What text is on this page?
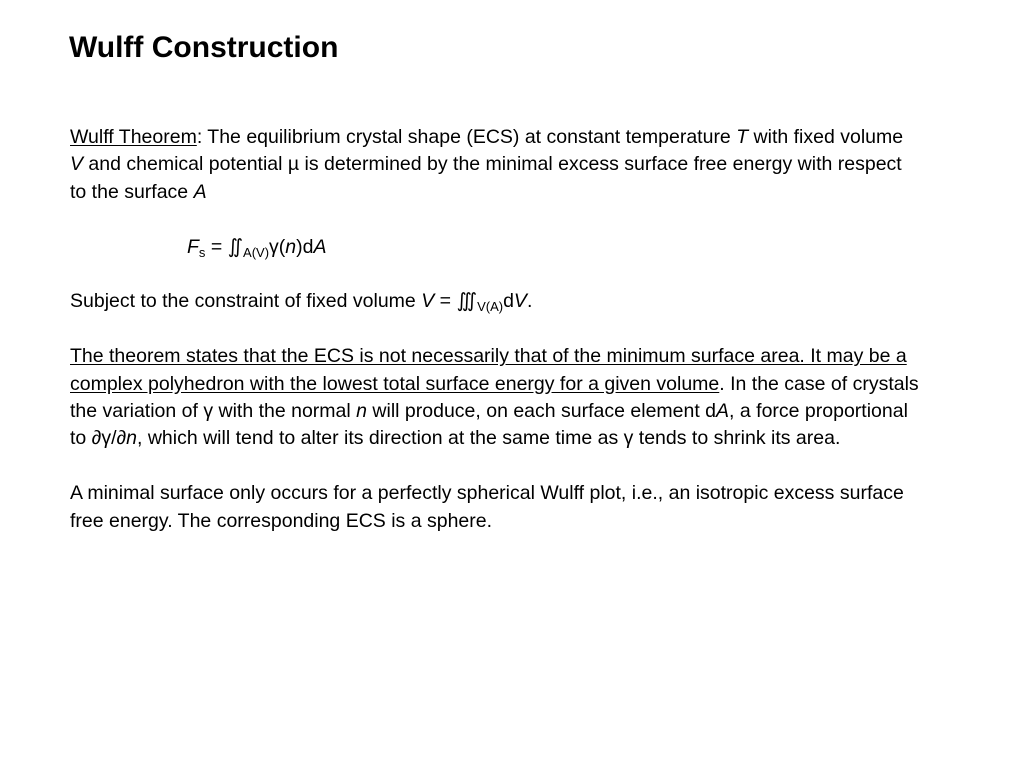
Wulff Construction

Wulff Theorem: The equilibrium crystal shape (ECS) at constant temperature T with fixed volume V and chemical potential µ is determined by the minimal excess surface free energy with respect to the surface A

$F_s$ = $∬_{A(V)}\gamma(n)dA$

Subject to the constraint of fixed volume $V = ∭_{V(A)}dV$.

The theorem states that the ECS is not necessarily that of the minimum surface area. It may be a complex polyhedron with the lowest total surface energy for a given volume. In the case of crystals the variation of γ with the normal n will produce, on each surface element dA, a force proportional to ∂γ/∂n, which will tend to alter its direction at the same time as γ tends to shrink its area.

A minimal surface only occurs for a perfectly spherical Wulff plot, i.e., an isotropic excess surface free energy. The corresponding ECS is a sphere.
